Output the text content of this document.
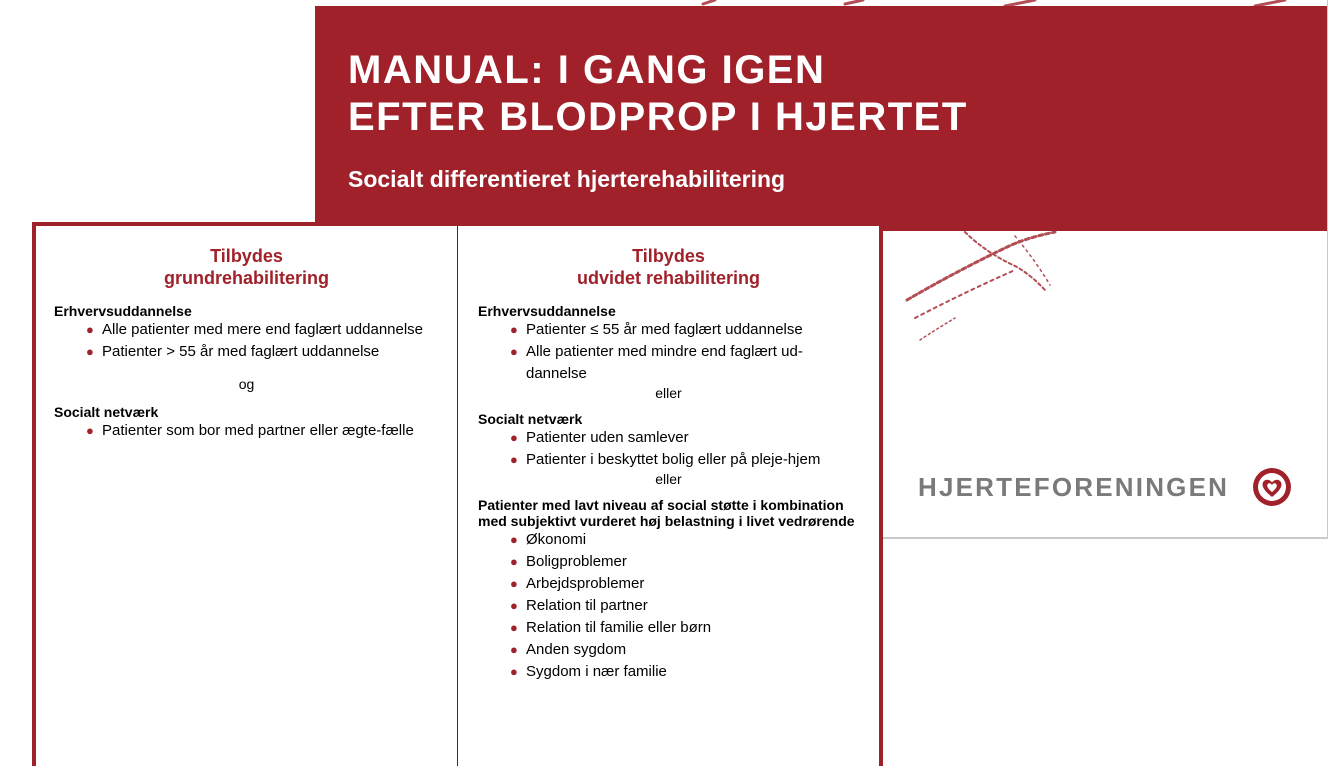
MANUAL: I GANG IGEN
EFTER BLODPROP I HJERTET
Socialt differentieret hjerterehabilitering
HJERTEFORENINGEN
Tilbydes
grundrehabilitering

Erhvervsuddannelse

● Alle patienter med mere end faglært uddannelse
● Patienter > 55 år med faglært uddannelse
og

Socialt netværk

● Patienter som bor med partner eller ægte-fælle
Tilbydes
udvidet rehabilitering

Erhvervsuddannelse

● Patienter ≤ 55 år med faglært uddannelse
● Alle patienter med mindre end faglært ud-dannelse
eller

Socialt netværk

● Patienter uden samlever
● Patienter i beskyttet bolig eller på pleje-hjem
eller

Patienter med lavt niveau af social støtte i kombination med subjektivt vurderet høj belastning i livet vedrørende

● Økonomi
● Boligproblemer
● Arbejdsproblemer
● Relation til partner
● Relation til familie eller børn
● Anden sygdom
● Sygdom i nær familie
